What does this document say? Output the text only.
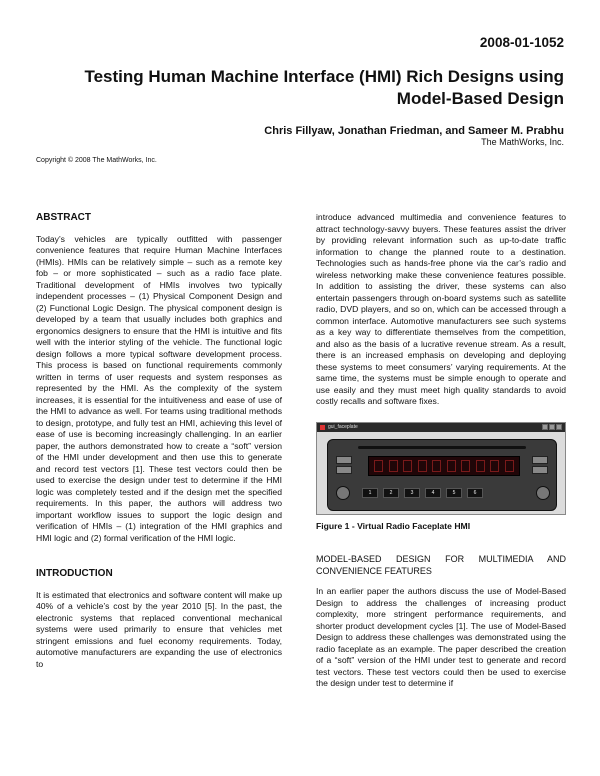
2008-01-1052
Testing Human Machine Interface (HMI) Rich Designs using
Model-Based Design
Chris Fillyaw, Jonathan Friedman, and Sameer M. Prabhu
The MathWorks, Inc.
Copyright © 2008 The MathWorks, Inc.
ABSTRACT

Today’s vehicles are typically outfitted with passenger convenience features that require Human Machine Interfaces (HMIs). HMIs can be relatively simple – such as a remote key fob – or more sophisticated – such as a radio face plate. Traditional development of HMIs involves two typically independent processes – (1) Physical Component Design and (2) Functional Logic Design. The physical component design is developed by a team that usually includes both graphics and ergonomics designers to ensure that the HMI is intuitive and fits well with the interior styling of the vehicle. The functional logic design follows a more typical software development process. This process is based on functional requirements commonly written in terms of user requests and system responses as represented by the HMI. As the complexity of the system increases, it is essential for the intuitiveness and ease of use of the HMI to advance as well. For teams using traditional methods to design, prototype, and fully test an HMI, achieving this level of ease of use is becoming increasingly challenging. In an earlier paper, the authors demonstrated how to create a “soft” version of the HMI under development and then use this to generate and record test vectors [1]. These test vectors could then be used to exercise the design under test to determine if the HMI logic was completely tested and if the design met the specified requirements. In this paper, the authors will address two important workflow issues to support the logic design and verification of HMIs – (1) integration of the HMI graphics and HMI logic and (2) formal verification of the HMI logic.

INTRODUCTION

It is estimated that electronics and software content will make up 40% of a vehicle’s cost by the year 2010 [5]. In the past, the electronic systems that replaced conventional mechanical systems were used primarily to ensure that vehicles met stringent emissions and fuel economy requirements. Today, automotive manufacturers are expanding the use of electronics to

introduce advanced multimedia and convenience features to attract technology-savvy buyers. These features assist the driver by providing relevant information such as up-to-date traffic information to change the planned route to a destination. Technologies such as hands-free phone via the car’s radio and wireless networking make these convenience features possible. In addition to assisting the driver, these systems can also entertain passengers through on-board systems such as satellite radio, DVD players, and so on, which can be accessed through a common interface. Automotive manufacturers see such systems as a key way to differentiate themselves from the competition, and also as the basis of a lucrative revenue stream. As a result, there is an increased emphasis on developing and deploying these systems to meet consumers’ varying requirements. At the same time, the systems must be simple enough to operate and use easily and they must meet high quality standards to avoid costly recalls and software fixes.

gui_faceplate
1	2	3	4	5	6
Figure 1 - Virtual Radio Faceplate HMI
MODEL-BASED DESIGN FOR MULTIMEDIA AND CONVENIENCE FEATURES

In an earlier paper the authors discuss the use of Model-Based Design to address the challenges of increasing product complexity, more stringent performance requirements, and shorter product development cycles [1]. The use of Model-Based Design to address these challenges was demonstrated using the radio faceplate as an example. The paper described the creation of a “soft” version of the HMI under test to generate and record test vectors. These test vectors could then be used to exercise the design under test to determine if
